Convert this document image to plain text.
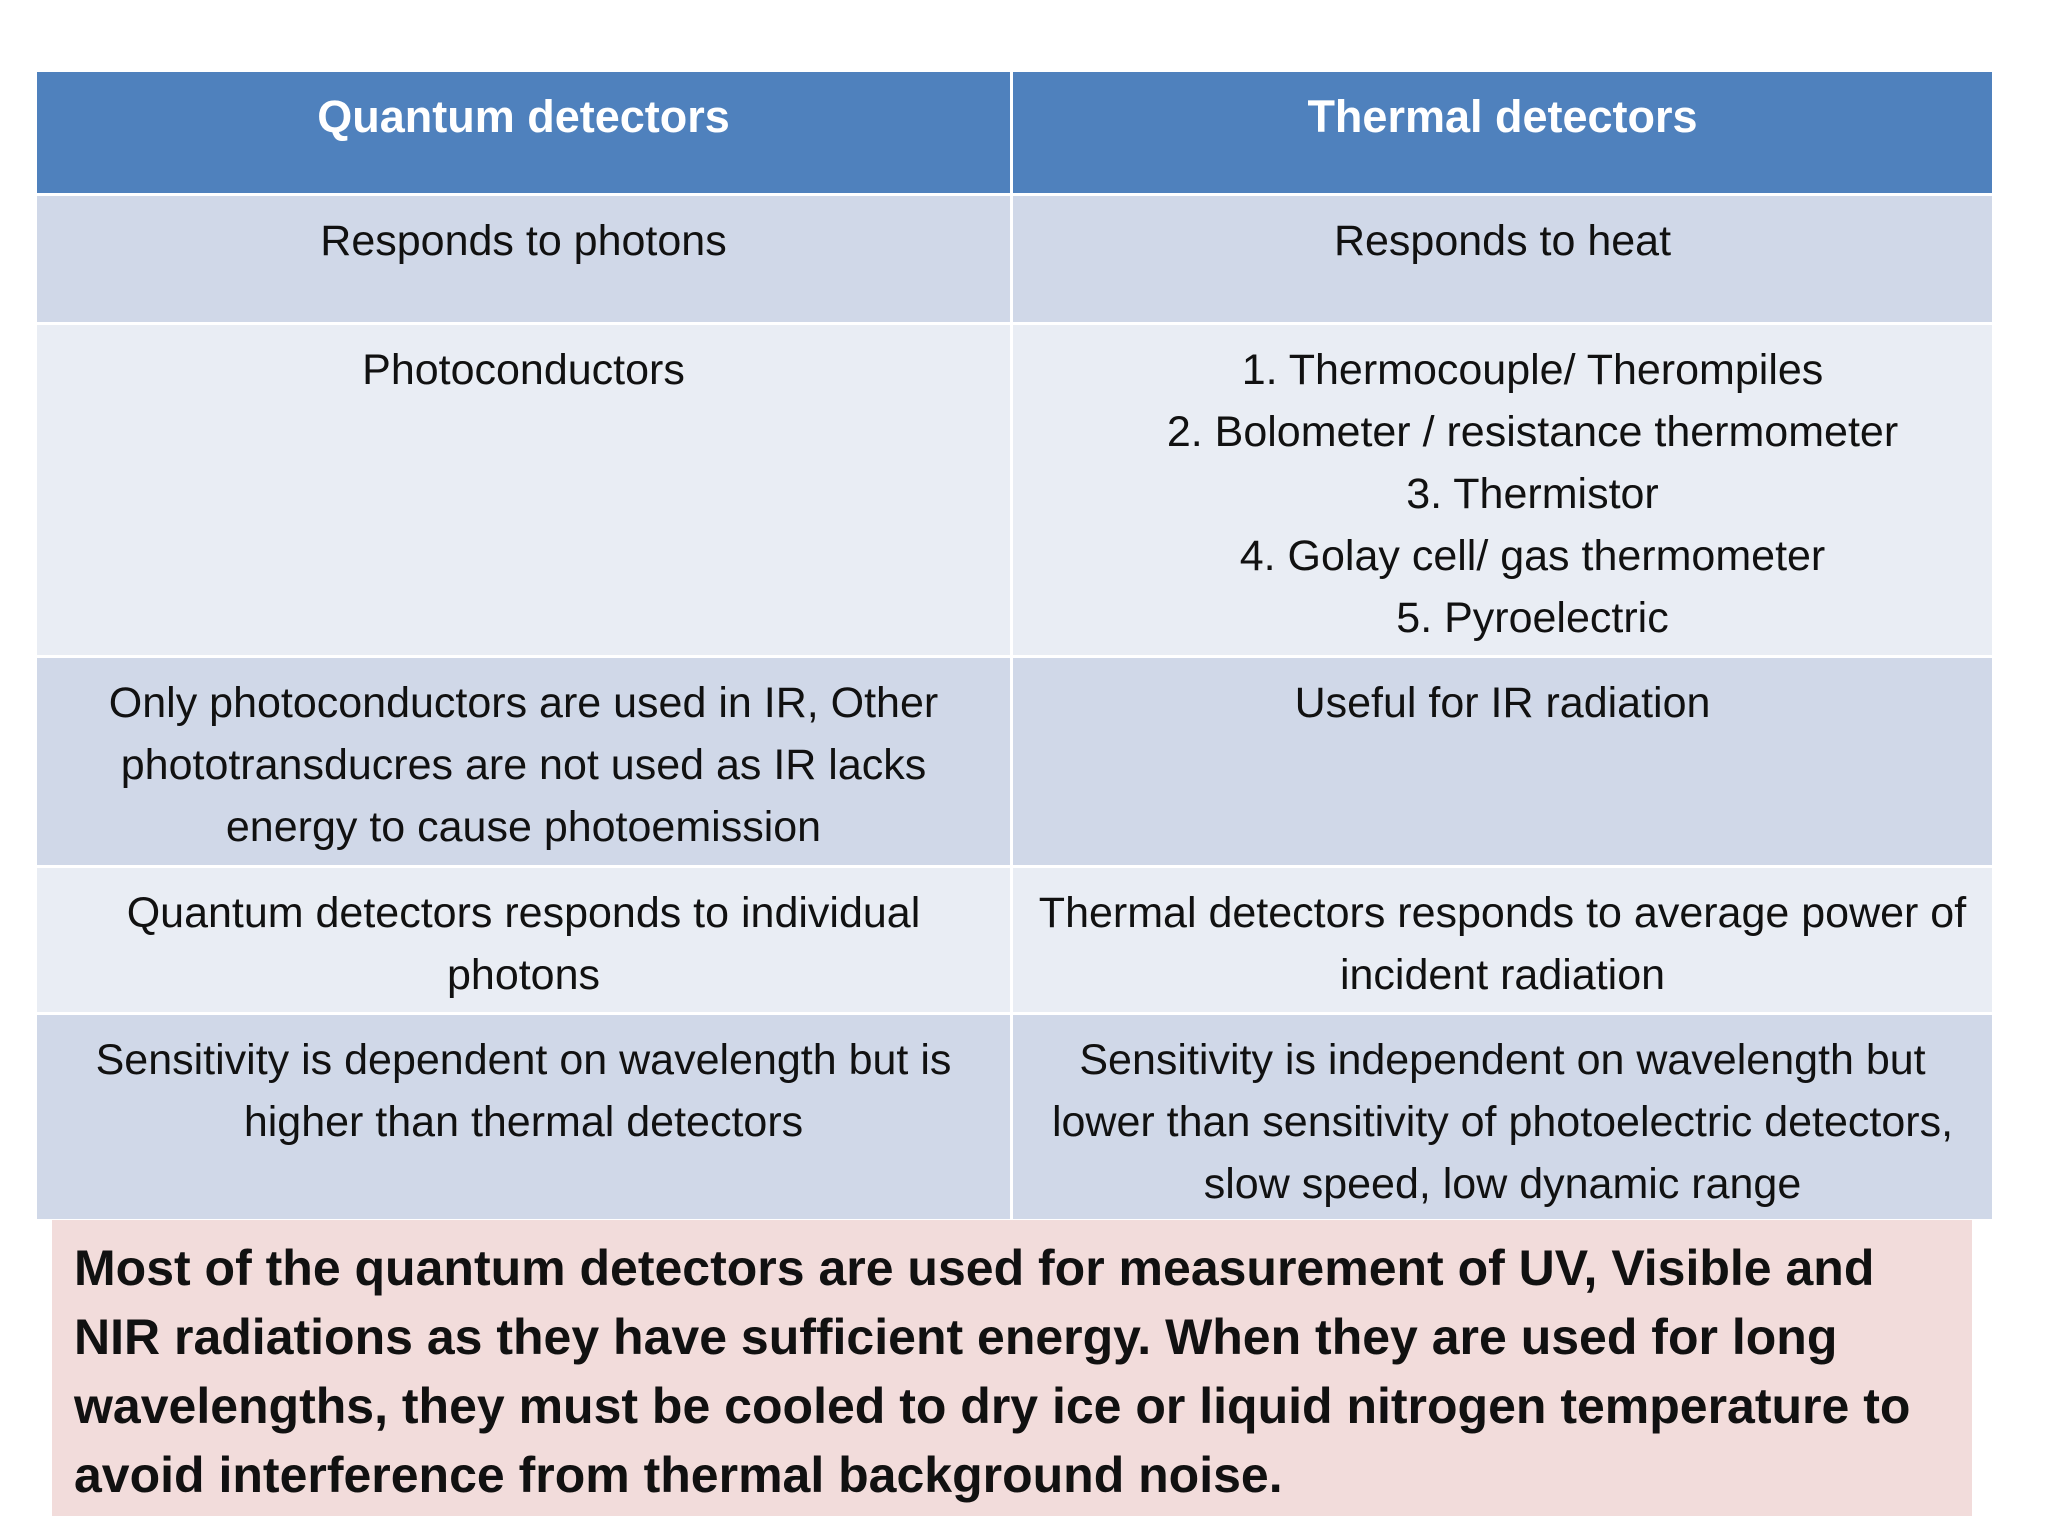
Quantum detectors	Thermal detectors
Responds to photons	Responds to heat
Photoconductors	1. Thermocouple/ Therompiles
2. Bolometer / resistance thermometer
3. Thermistor
4. Golay cell/ gas thermometer
5. Pyroelectric

Only photoconductors are used in IR, Other phototransducres are not used as IR lacks energy to cause photoemission	Useful for IR radiation
Quantum detectors responds to individual photons	Thermal detectors responds to average power of incident radiation
Sensitivity is dependent on wavelength but is higher than thermal detectors	Sensitivity is independent on wavelength but lower than sensitivity of photoelectric detectors, slow speed, low dynamic range
Most of the quantum detectors are used for measurement of UV, Visible and NIR radiations as they have sufficient energy. When they are used for long wavelengths, they must be cooled to dry ice or liquid nitrogen temperature to avoid interference from thermal background noise.
